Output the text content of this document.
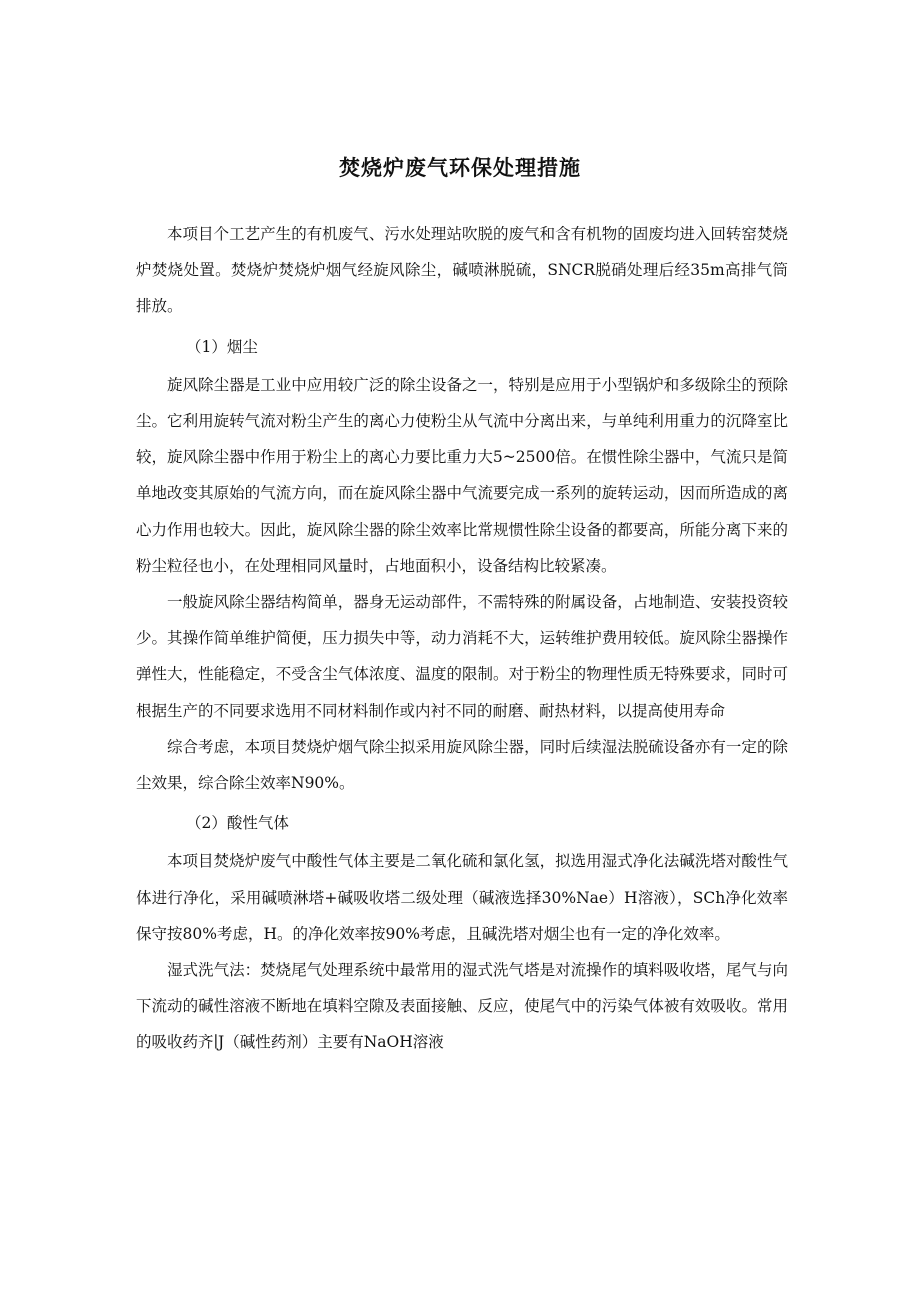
焚烧炉废气环保处理措施

本项目个工艺产生的有机废气、污水处理站吹脱的废气和含有机物的固废均进入回转窑焚烧炉焚烧处置。焚烧炉焚烧炉烟气经旋风除尘，碱喷淋脱硫，SNCR脱硝处理后经35m高排气筒排放。

（1）烟尘

旋风除尘器是工业中应用较广泛的除尘设备之一，特别是应用于小型锅炉和多级除尘的预除尘。它利用旋转气流对粉尘产生的离心力使粉尘从气流中分离出来，与单纯利用重力的沉降室比较，旋风除尘器中作用于粉尘上的离心力要比重力大5~2500倍。在惯性除尘器中，气流只是简单地改变其原始的气流方向，而在旋风除尘器中气流要完成一系列的旋转运动，因而所造成的离心力作用也较大。因此，旋风除尘器的除尘效率比常规惯性除尘设备的都要高，所能分离下来的粉尘粒径也小，在处理相同风量时，占地面积小，设备结构比较紧凑。

一般旋风除尘器结构简单，器身无运动部件，不需特殊的附属设备，占地制造、安装投资较少。其操作简单维护简便，压力损失中等，动力消耗不大，运转维护费用较低。旋风除尘器操作弹性大，性能稳定，不受含尘气体浓度、温度的限制。对于粉尘的物理性质无特殊要求，同时可根据生产的不同要求选用不同材料制作或内衬不同的耐磨、耐热材料，以提高使用寿命

综合考虑，本项目焚烧炉烟气除尘拟采用旋风除尘器，同时后续湿法脱硫设备亦有一定的除尘效果，综合除尘效率N90%。

（2）酸性气体

本项目焚烧炉废气中酸性气体主要是二氧化硫和氯化氢，拟选用湿式净化法碱洗塔对酸性气体进行净化，采用碱喷淋塔+碱吸收塔二级处理（碱液选择30%Nae）H溶液），SCh净化效率保守按80%考虑，H。的净化效率按90%考虑，且碱洗塔对烟尘也有一定的净化效率。

湿式洗气法：焚烧尾气处理系统中最常用的湿式洗气塔是对流操作的填料吸收塔，尾气与向下流动的碱性溶液不断地在填料空隙及表面接触、反应，使尾气中的污染气体被有效吸收。常用的吸收药齐∣J（碱性药剂）主要有NaOH溶液
